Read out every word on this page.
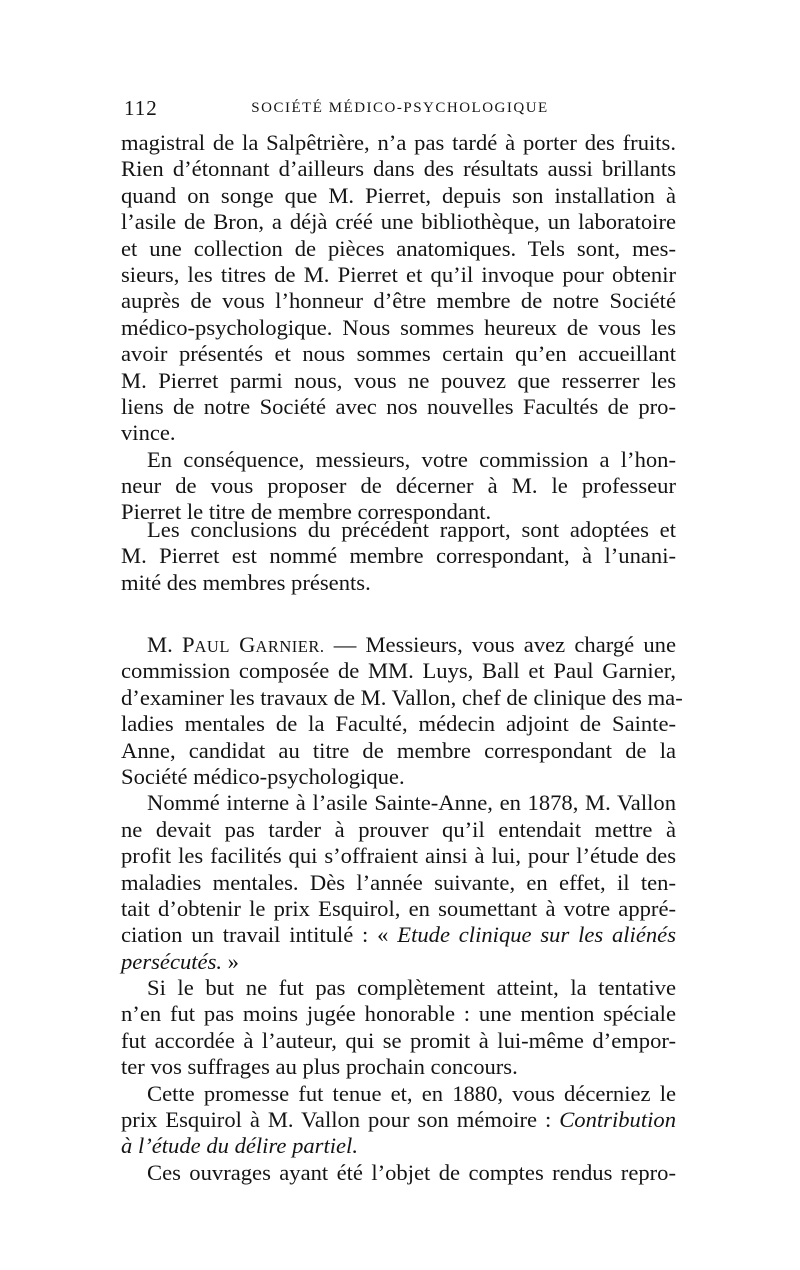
112	SOCIÉTÉ MÉDICO-PSYCHOLOGIQUE
magistral de la Salpêtrière, n’a pas tardé à porter des fruits.
Rien d’étonnant d’ailleurs dans des résultats aussi brillants
quand on songe que M. Pierret, depuis son installation à
l’asile de Bron, a déjà créé une bibliothèque, un laboratoire
et une collection de pièces anatomiques. Tels sont, mes-
sieurs, les titres de M. Pierret et qu’il invoque pour obtenir
auprès de vous l’honneur d’être membre de notre Société
médico-psychologique. Nous sommes heureux de vous les
avoir présentés et nous sommes certain qu’en accueillant
M. Pierret parmi nous, vous ne pouvez que resserrer les
liens de notre Société avec nos nouvelles Facultés de pro-
vince.
En conséquence, messieurs, votre commission a l’hon-
neur de vous proposer de décerner à M. le professeur
Pierret le titre de membre correspondant.
Les conclusions du précédent rapport, sont adoptées et
M. Pierret est nommé membre correspondant, à l’unani-
mité des membres présents.
M. PAUL GARNIER. — Messieurs, vous avez chargé une
commission composée de MM. Luys, Ball et Paul Garnier,
d’examiner les travaux de M. Vallon, chef de clinique des ma-
ladies mentales de la Faculté, médecin adjoint de Sainte-
Anne, candidat au titre de membre correspondant de la
Société médico-psychologique.
Nommé interne à l’asile Sainte-Anne, en 1878, M. Vallon
ne devait pas tarder à prouver qu’il entendait mettre à
profit les facilités qui s’offraient ainsi à lui, pour l’étude des
maladies mentales. Dès l’année suivante, en effet, il ten-
tait d’obtenir le prix Esquirol, en soumettant à votre appré-
ciation un travail intitulé : « Etude clinique sur les aliénés
persécutés. »
Si le but ne fut pas complètement atteint, la tentative
n’en fut pas moins jugée honorable : une mention spéciale
fut accordée à l’auteur, qui se promit à lui-même d’empor-
ter vos suffrages au plus prochain concours.
Cette promesse fut tenue et, en 1880, vous décerniez le
prix Esquirol à M. Vallon pour son mémoire : Contribution
à l’étude du délire partiel.
Ces ouvrages ayant été l’objet de comptes rendus repro-
